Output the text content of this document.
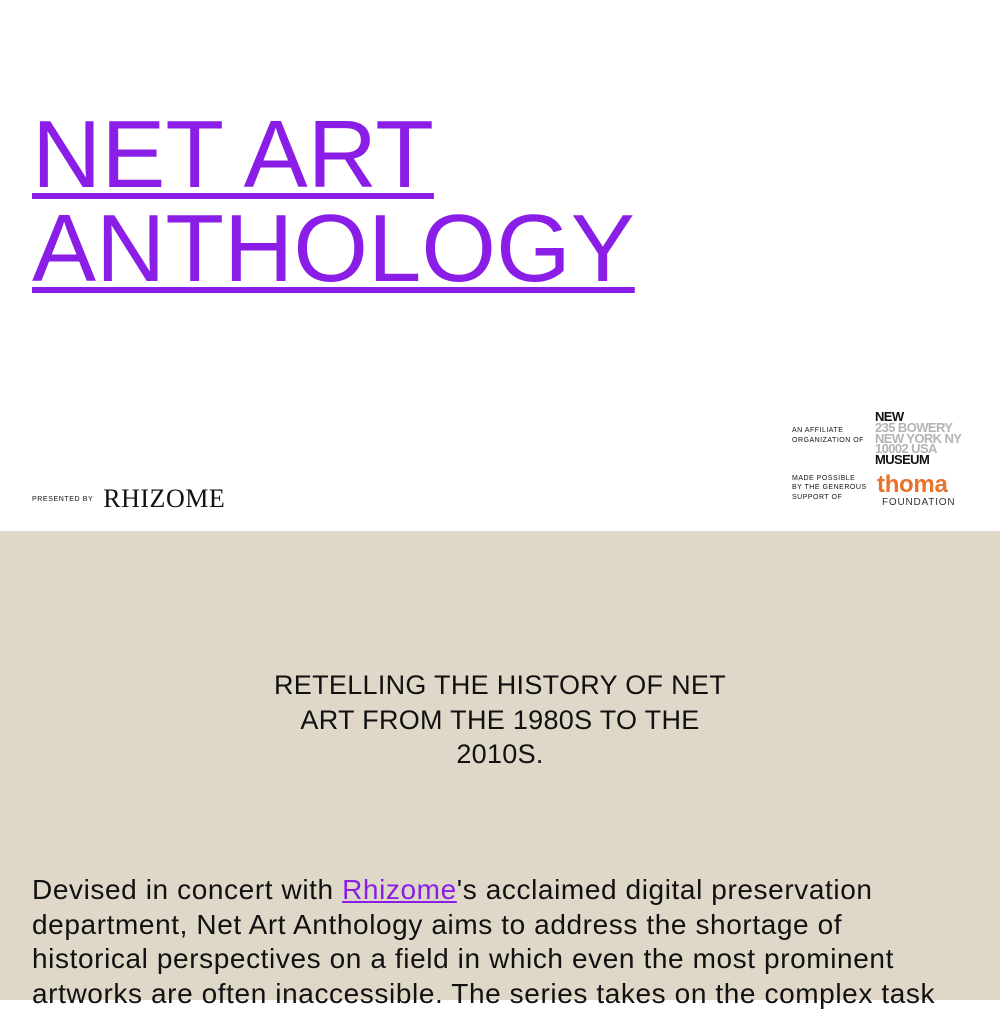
NET ART
ANTHOLOGY
PRESENTED BY RHIZOME
AN AFFILIATE
ORGANIZATION OF
NEW
235 BOWERY
NEW YORK NY
10002 USA
MUSEUM
MADE POSSIBLE
BY THE GENEROUS
SUPPORT OF	thoma
FOUNDATION
RETELLING THE HISTORY OF NET
ART FROM THE 1980S TO THE
2010S.

Devised in concert with Rhizome's acclaimed digital preservation
department, Net Art Anthology aims to address the shortage of
historical perspectives on a field in which even the most prominent
artworks are often inaccessible. The series takes on the complex task
